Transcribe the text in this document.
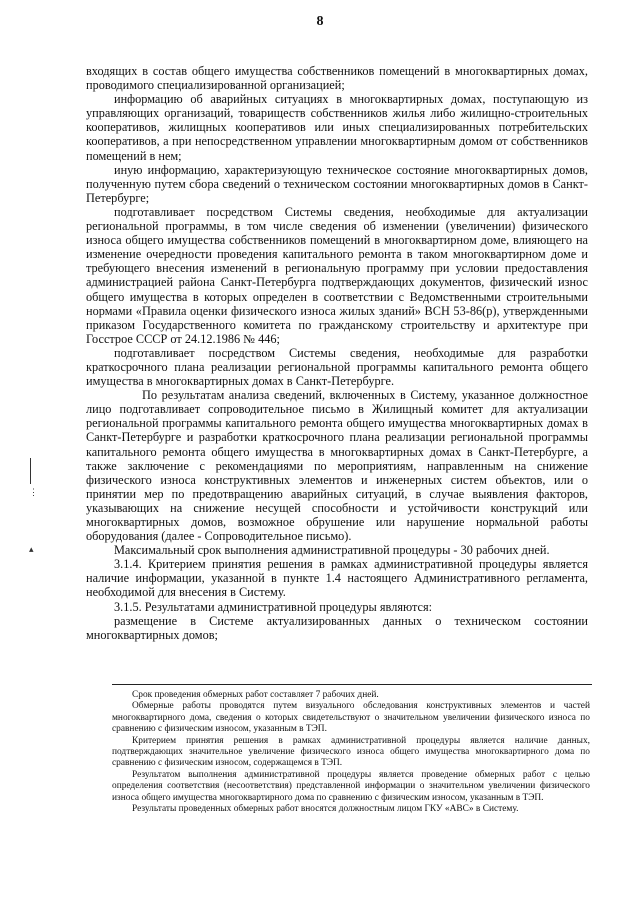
8

входящих в состав общего имущества собственников помещений в многоквартирных домах, проводимого специализированной организацией;

информацию об аварийных ситуациях в многоквартирных домах, поступающую из управляющих организаций, товариществ собственников жилья либо жилищно-строительных кооперативов, жилищных кооперативов или иных специализированных потребительских кооперативов, а при непосредственном управлении многоквартирным домом от собственников помещений в нем;

иную информацию, характеризующую техническое состояние многоквартирных домов, полученную путем сбора сведений о техническом состоянии многоквартирных домов в Санкт-Петербурге;

подготавливает посредством Системы сведения, необходимые для актуализации региональной программы, в том числе сведения об изменении (увеличении) физического износа общего имущества собственников помещений в многоквартирном доме, влияющего на изменение очередности проведения капитального ремонта в таком многоквартирном доме и требующего внесения изменений в региональную программу при условии предоставления администрацией района Санкт-Петербурга подтверждающих документов, физический износ общего имущества в которых определен в соответствии с Ведомственными строительными нормами «Правила оценки физического износа жилых зданий» ВСН 53-86(р), утвержденными приказом Государственного комитета по гражданскому строительству и архитектуре при Госстрое СССР от 24.12.1986 № 446;

подготавливает посредством Системы сведения, необходимые для разработки краткосрочного плана реализации региональной программы капитального ремонта общего имущества в многоквартирных домах в Санкт-Петербурге.

По результатам анализа сведений, включенных в Систему, указанное должностное лицо подготавливает сопроводительное письмо в Жилищный комитет для актуализации региональной программы капитального ремонта общего имущества многоквартирных домах в Санкт-Петербурге и разработки краткосрочного плана реализации региональной программы капитального ремонта общего имущества в многоквартирных домах в Санкт-Петербурге, а также заключение с рекомендациями по мероприятиям, направленным на снижение физического износа конструктивных элементов и инженерных систем объектов, или о принятии мер по предотвращению аварийных ситуаций, в случае выявления факторов, указывающих на снижение несущей способности и устойчивости конструкций или многоквартирных домов, возможное обрушение или нарушение нормальной работы оборудования (далее - Сопроводительное письмо).

Максимальный срок выполнения административной процедуры - 30 рабочих дней.

3.1.4. Критерием принятия решения в рамках административной процедуры является наличие информации, указанной в пункте 1.4 настоящего Административного регламента, необходимой для внесения в Систему.

3.1.5. Результатами административной процедуры являются:

размещение в Системе актуализированных данных о техническом состоянии многоквартирных домов;

⋮
▴

Срок проведения обмерных работ составляет 7 рабочих дней.

Обмерные работы проводятся путем визуального обследования конструктивных элементов и частей многоквартирного дома, сведения о которых свидетельствуют о значительном увеличении физического износа по сравнению с физическим износом, указанным в ТЭП.

Критерием принятия решения в рамках административной процедуры является наличие данных, подтверждающих значительное увеличение физического износа общего имущества многоквартирного дома по сравнению с физическим износом, содержащемся в ТЭП.

Результатом выполнения административной процедуры является проведение обмерных работ с целью определения соответствия (несоответствия) представленной информации о значительном увеличении физического износа общего имущества многоквартирного дома по сравнению с физическим износом, указанным в ТЭП.

Результаты проведенных обмерных работ вносятся должностным лицом ГКУ «АВС» в Систему.
